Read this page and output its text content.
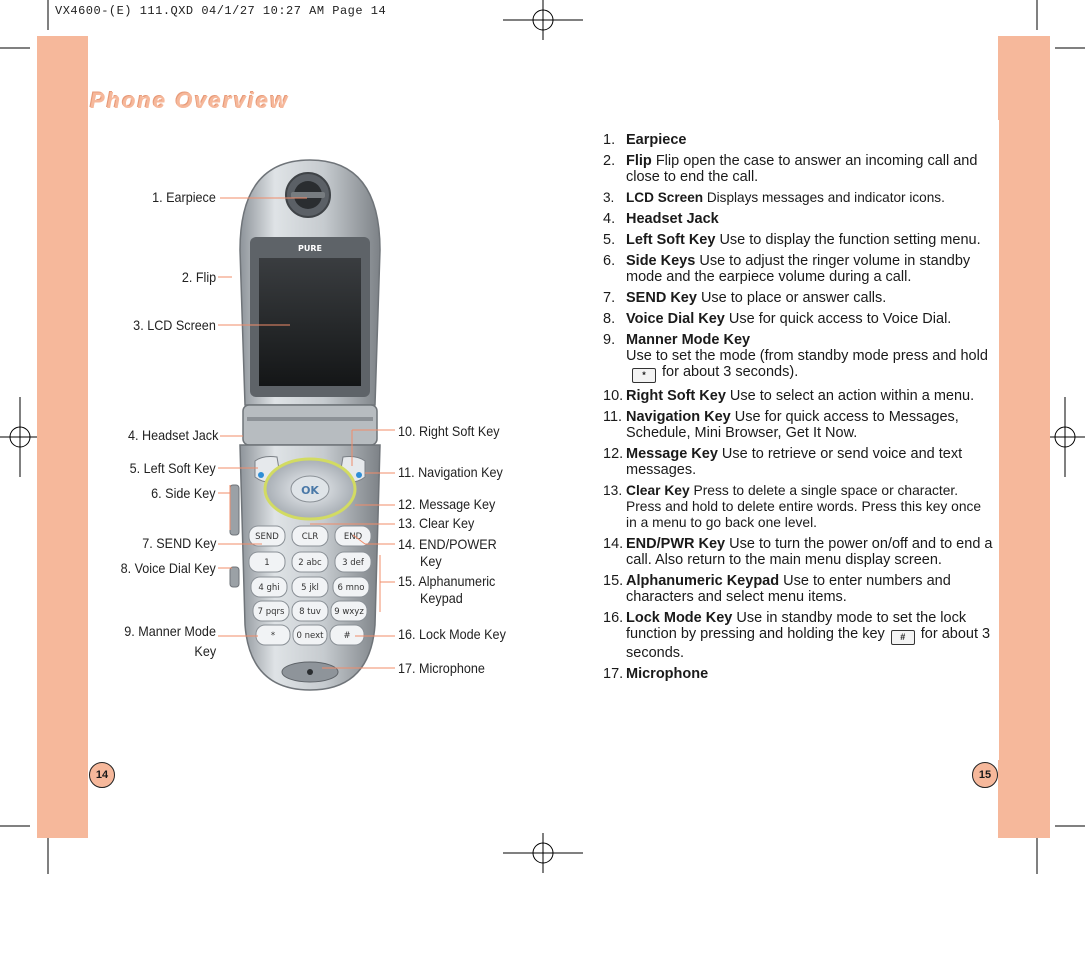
VX4600-(E) 111.QXD 04/1/27 10:27 AM Page 14
Phone Overview
14	15
PURE
OK
SEND	CLR	END
1	2 abc 3 def
4 ghi	5 jkl 6 mno
7 pqrs 8 tuv 9 wxyz
*	0 next #
1. Earpiece
2. Flip
3. LCD Screen
4. Headset Jack
5. Left Soft Key
6. Side Key
7. SEND Key
8. Voice Dial Key
9. Manner Mode
Key
10. Right Soft Key
11. Navigation Key
12. Message Key
13. Clear Key
14. END/POWER
Key
15. Alphanumeric
Keypad
16. Lock Mode Key
17. Microphone
1. Earpiece
2. Flip Flip open the case to answer an incoming call and close to end the call.
3. LCD Screen Displays messages and indicator icons.
4. Headset Jack
5. Left Soft Key Use to display the function setting menu.
6. Side Keys Use to adjust the ringer volume in standby mode and the earpiece volume during a call.
7. SEND Key Use to place or answer calls.
8. Voice Dial Key Use for quick access to Voice Dial.
9. Manner Mode Key
Use to set the mode (from standby mode press and hold* for about 3 seconds).
10. Right Soft Key Use to select an action within a menu.
11. Navigation Key Use for quick access to Messages, Schedule, Mini Browser, Get It Now.
12. Message Key Use to retrieve or send voice and text messages.
13. Clear Key Press to delete a single space or character. Press and hold to delete entire words. Press this key once in a menu to go back one level.
14. END/PWR Key Use to turn the power on/off and to end a call. Also return to the main menu display screen.
15. Alphanumeric Keypad Use to enter numbers and characters and select menu items.
16. Lock Mode Key Use in standby mode to set the lock function by pressing and holding the key # for about 3 seconds.
17. Microphone
